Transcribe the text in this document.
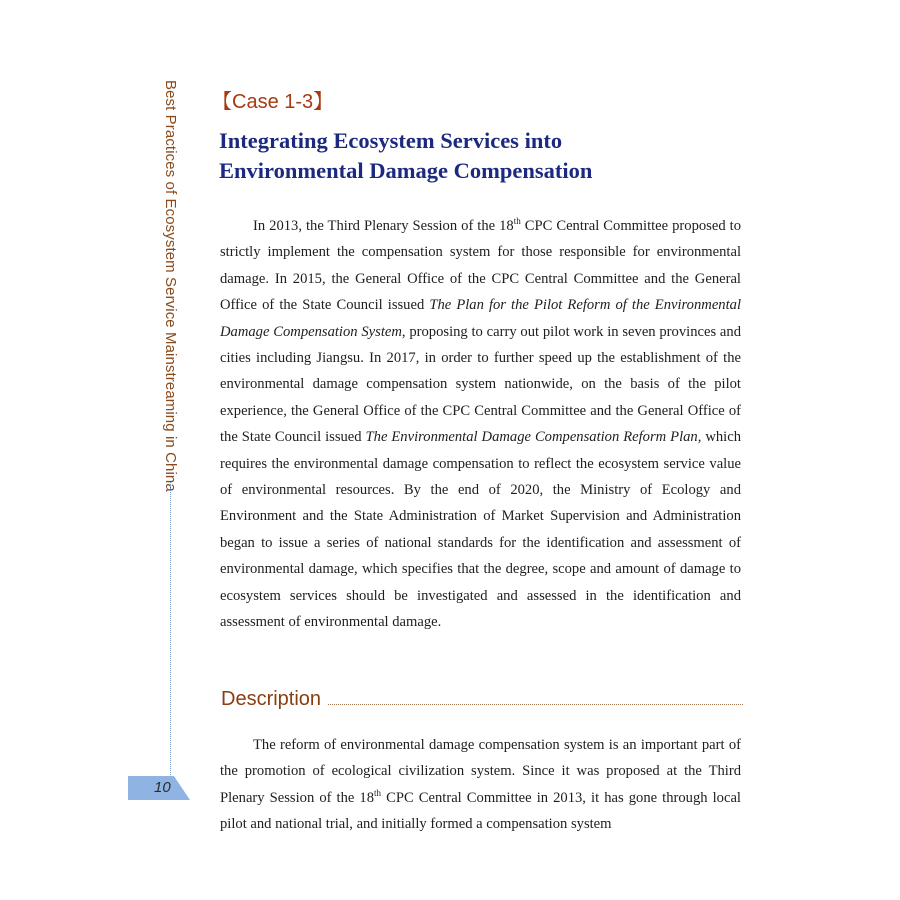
Best Practices of Ecosystem Service Mainstreaming in China
10
【Case 1-3】
Integrating Ecosystem Services into
Environmental Damage Compensation

In 2013, the Third Plenary Session of the 18th CPC Central Committee proposed to strictly implement the compensation system for those responsible for environmental damage. In 2015, the General Office of the CPC Central Committee and the General Office of the State Council issued The Plan for the Pilot Reform of the Environmental Damage Compensation System, proposing to carry out pilot work in seven provinces and cities including Jiangsu. In 2017, in order to further speed up the establishment of the environmental damage compensation system nationwide, on the basis of the pilot experience, the General Office of the CPC Central Committee and the General Office of the State Council issued The Environmental Damage Compensation Reform Plan, which requires the environmental damage compensation to reflect the ecosystem service value of environmental resources. By the end of 2020, the Ministry of Ecology and Environment and the State Administration of Market Supervision and Administration began to issue a series of national standards for the identification and assessment of environmental damage, which specifies that the degree, scope and amount of damage to ecosystem services should be investigated and assessed in the identification and assessment of environmental damage.

Description

The reform of environmental damage compensation system is an important part of the promotion of ecological civilization system. Since it was proposed at the Third Plenary Session of the 18th CPC Central Committee in 2013, it has gone through local pilot and national trial, and initially formed a compensation system
